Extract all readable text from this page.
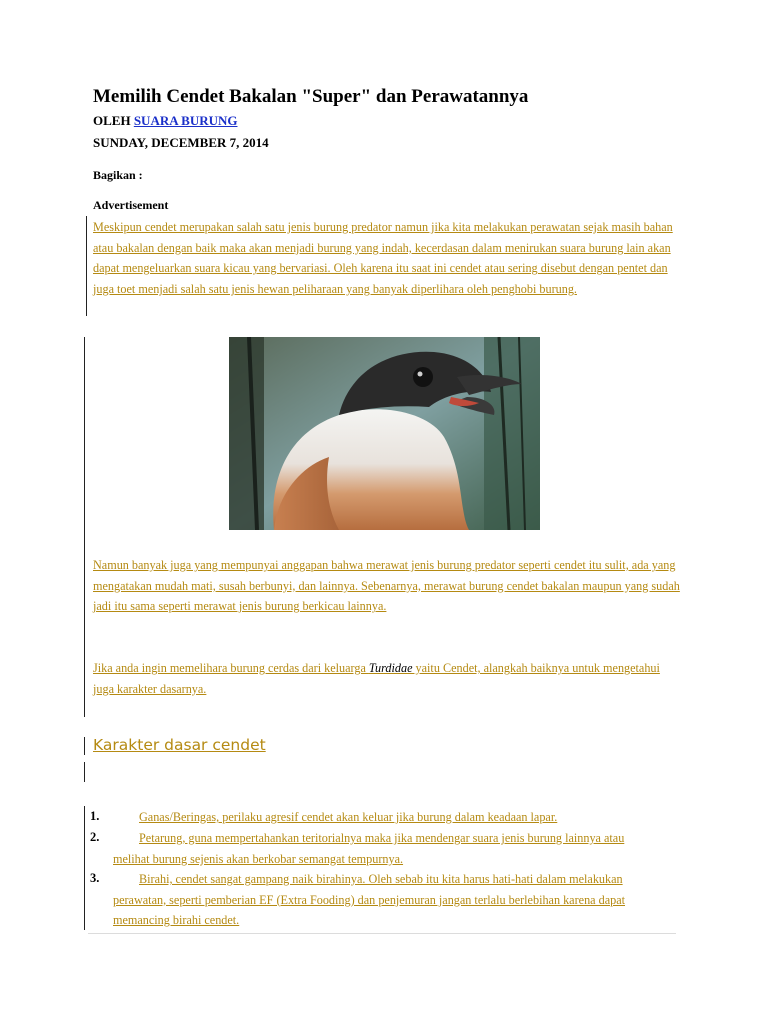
Memilih Cendet Bakalan "Super" dan Perawatannya
OLEH SUARA BURUNG
SUNDAY, DECEMBER 7, 2014
Bagikan :
Advertisement
Meskipun cendet merupakan salah satu jenis burung predator namun jika kita melakukan perawatan sejak masih bahan atau bakalan dengan baik maka akan menjadi burung yang indah, kecerdasan dalam menirukan suara burung lain akan dapat mengeluarkan suara kicau yang bervariasi. Oleh karena itu saat ini cendet atau sering disebut dengan pentet dan juga toet menjadi salah satu jenis hewan peliharaan yang banyak diperlihara oleh penghobi burung.
Namun banyak juga yang mempunyai anggapan bahwa merawat jenis burung predator seperti cendet itu sulit, ada yang mengatakan mudah mati, susah berbunyi, dan lainnya. Sebenarnya, merawat burung cendet bakalan maupun yang sudah jadi itu sama seperti merawat jenis burung berkicau lainnya.
Jika anda ingin memelihara burung cerdas dari keluarga Turdidae yaitu Cendet, alangkah baiknya untuk mengetahui juga karakter dasarnya.
Karakter dasar cendet
1.	Ganas/Beringas, perilaku agresif cendet akan keluar jika burung dalam keadaan lapar.
2.	Petarung, guna mempertahankan teritorialnya maka jika mendengar suara jenis burung lainnya atau melihat burung sejenis akan berkobar semangat tempurnya.
3.	Birahi, cendet sangat gampang naik birahinya. Oleh sebab itu kita harus hati-hati dalam melakukan perawatan, seperti pemberian EF (Extra Fooding) dan penjemuran jangan terlalu berlebihan karena dapat memancing birahi cendet.
